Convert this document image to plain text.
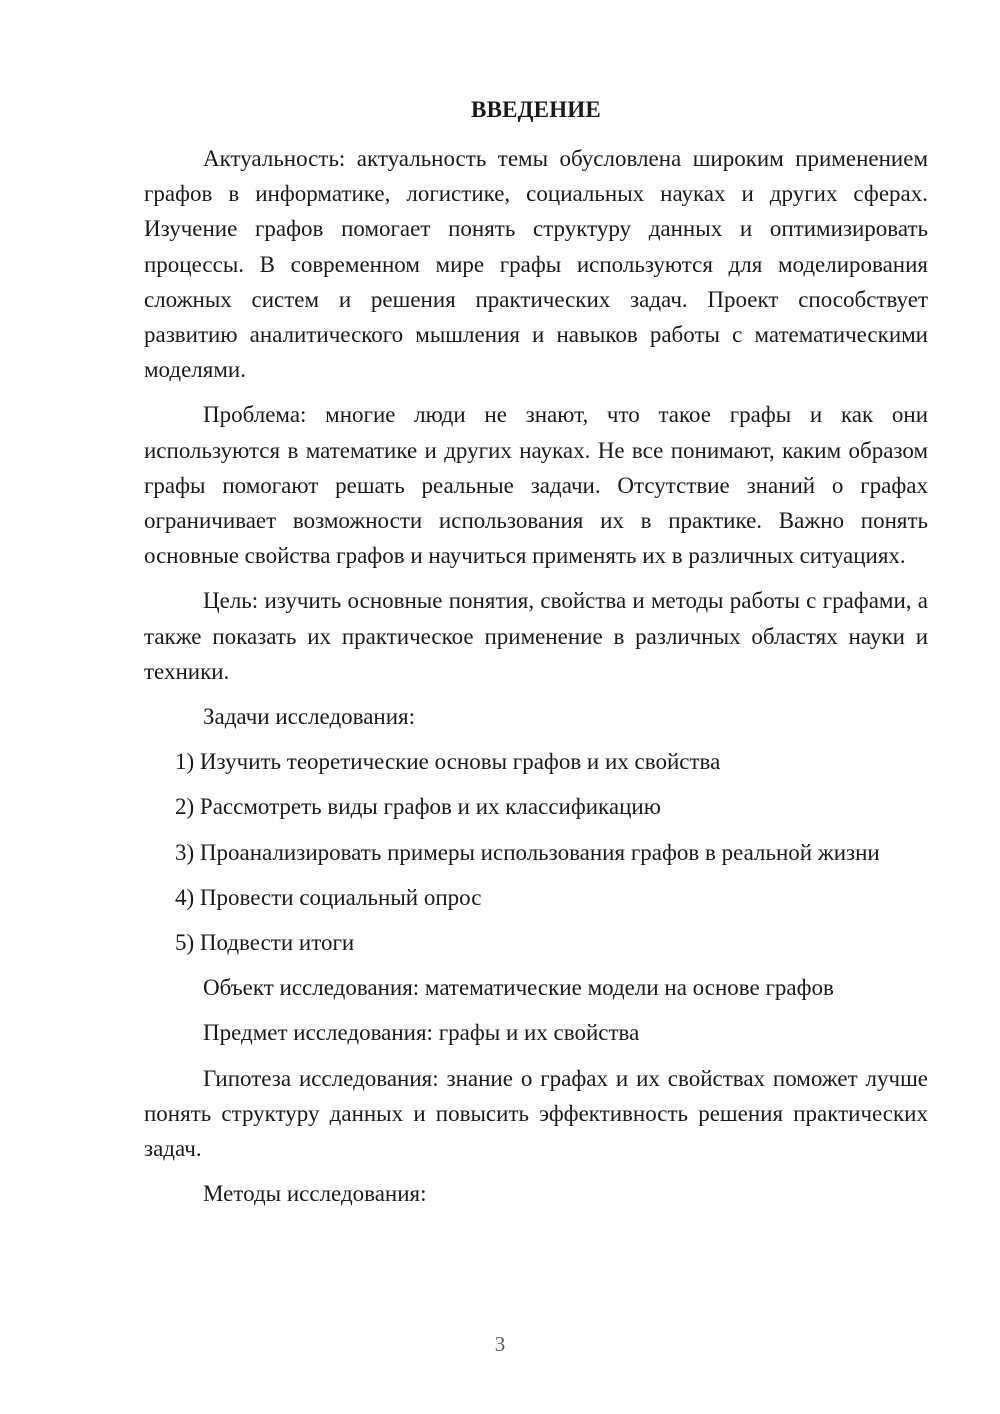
ВВЕДЕНИЕ

Актуальность: актуальность темы обусловлена широким применением графов в информатике, логистике, социальных науках и других сферах. Изучение графов помогает понять структуру данных и оптимизировать процессы. В современном мире графы используются для моделирования сложных систем и решения практических задач. Проект способствует развитию аналитического мышления и навыков работы с математическими моделями.

Проблема: многие люди не знают, что такое графы и как они используются в математике и других науках. Не все понимают, каким образом графы помогают решать реальные задачи. Отсутствие знаний о графах ограничивает возможности использования их в практике. Важно понять основные свойства графов и научиться применять их в различных ситуациях.

Цель: изучить основные понятия, свойства и методы работы с графами, а также показать их практическое применение в различных областях науки и техники.

Задачи исследования:

1) Изучить теоретические основы графов и их свойства

2) Рассмотреть виды графов и их классификацию

3) Проанализировать примеры использования графов в реальной жизни

4) Провести социальный опрос

5) Подвести итоги

Объект исследования: математические модели на основе графов

Предмет исследования: графы и их свойства

Гипотеза исследования: знание о графах и их свойствах поможет лучше понять структуру данных и повысить эффективность решения практических задач.

Методы исследования:

3
